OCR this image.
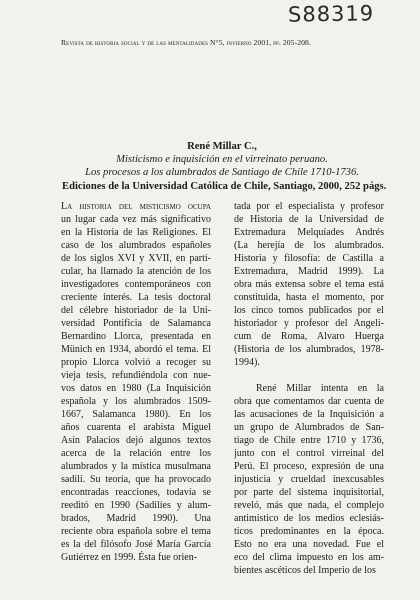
S88319
Revista de historia social y de las mentalidades N°5, invierno 2001, pp. 205-208.
René Millar C.,
Misticismo e inquisición en el virreinato peruano.
Los procesos a los alumbrados de Santiago de Chile 1710-1736.
Ediciones de la Universidad Católica de Chile, Santiago, 2000, 252 págs.
La historia del misticismo ocupa
un lugar cada vez más significativo
en la Historia de las Religiones. El
caso de los alumbrados españoles
de los siglos XVI y XVII, en parti-
cular, ha llamado la atención de los
investigadores contemporáneos con
creciente interés. La tesis doctoral
del célebre historiador de la Uni-
versidad Pontificia de Salamanca
Bernardino Llorca, presentada en
Münich en 1934, abordó el tema. El
propio Llorca volvió a recoger su
vieja tesis, refundiéndola con nue-
vos datos en 1980 (La Inquisición
española y los alumbrados 1509-
1667, Salamanca 1980). En los
años cuarenta el arabista Miguel
Asín Palacios dejó algunos textos
acerca de la relación entre los
alumbrados y la mística musulmana
sadilí. Su teoría, que ha provocado
encontradas reacciones, todavía se
reeditó en 1990 (Sadilíes y alum-
brados, Madrid 1990). Una
reciente obra española sobre el tema
es la del filósofo José María García
Gutiérrez en 1999. Ésta fue orien-
tada por el especialista y profesor
de Historia de la Universidad de
Extremadura Melquíades Andrés
(La herejía de los alumbrados.
Historia y filosofía: de Castilla a
Extremadura, Madrid 1999). La
obra más extensa sobre el tema está
constituida, hasta el momento, por
los cinco tomos publicados por el
historiador y profesor del Angeli-
cum de Roma, Alvaro Huerga
(Historia de los alumbrados, 1978-
1994).
René Millar intenta en la
obra que comentamos dar cuenta de
las acusaciones de la Inquisición a
un grupo de Alumbrados de San-
tiago de Chile entre 1710 y 1736,
junto con el control virreinal del
Perú. El proceso, expresión de una
injusticia y crueldad inexcusables
por parte del sistema inquisitorial,
reveló, más que nada, el complejo
antimístico de los medios eclesiás-
ticos predominantes en la época.
Esto no era una novedad. Fue el
eco del clima impuesto en los am-
bientes ascéticos del Imperio de los
